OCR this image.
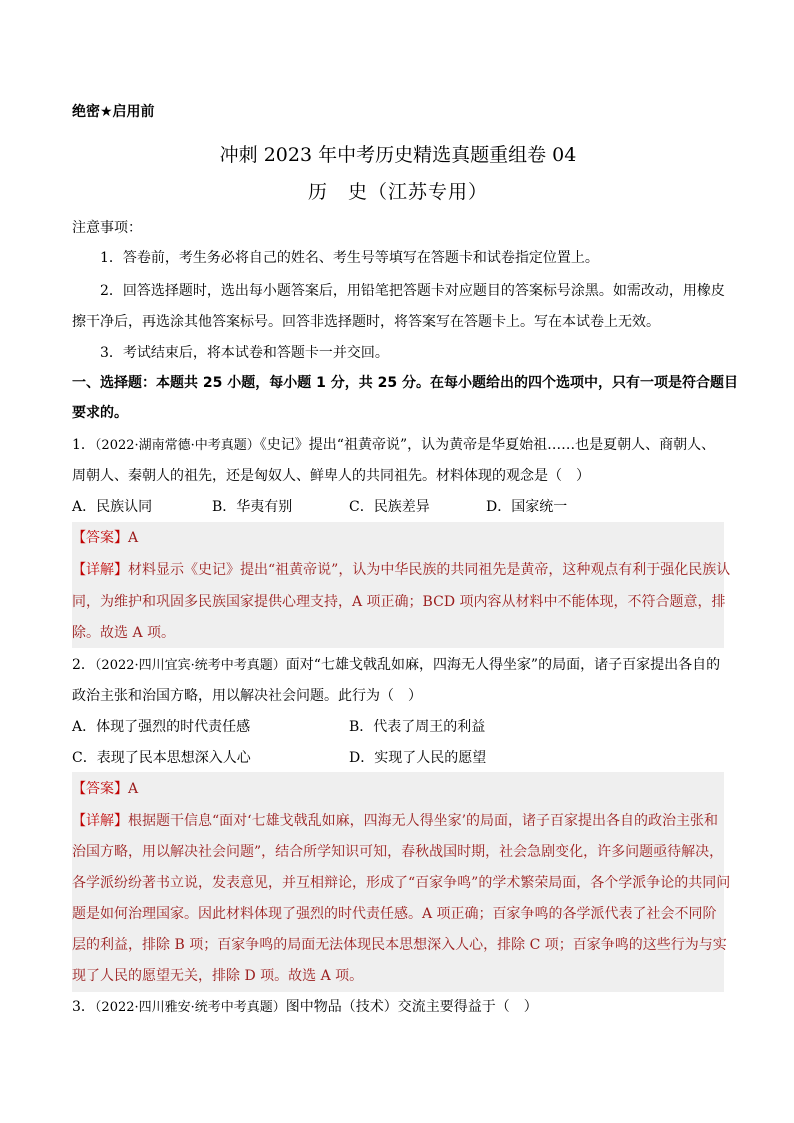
绝密★启用前
冲刺 2023 年中考历史精选真题重组卷 04
历　史（江苏专用）
注意事项：
1．答卷前，考生务必将自己的姓名、考生号等填写在答题卡和试卷指定位置上。
2．回答选择题时，选出每小题答案后，用铅笔把答题卡对应题目的答案标号涂黑。如需改动，用橡皮
擦干净后，再选涂其他答案标号。回答非选择题时，将答案写在答题卡上。写在本试卷上无效。
3．考试结束后，将本试卷和答题卡一并交回。
一、选择题：本题共 25 小题，每小题 1 分，共 25 分。在每小题给出的四个选项中，只有一项是符合题目
要求的。
1．（2022·湖南常德·中考真题）《史记》提出“祖黄帝说”，认为黄帝是华夏始祖……也是夏朝人、商朝人、
周朝人、秦朝人的祖先，还是匈奴人、鲜卑人的共同祖先。材料体现的观念是（　）
A．民族认同	B．华夷有别	C．民族差异	D．国家统一
【答案】A
【详解】材料显示《史记》提出“祖黄帝说”，认为中华民族的共同祖先是黄帝，这种观点有利于强化民族认
同，为维护和巩固多民族国家提供心理支持，A 项正确；BCD 项内容从材料中不能体现，不符合题意，排
除。故选 A 项。
2．（2022·四川宜宾·统考中考真题）面对“七雄戈戟乱如麻，四海无人得坐家”的局面，诸子百家提出各自的
政治主张和治国方略，用以解决社会问题。此行为（　）
A．体现了强烈的时代责任感	B．代表了周王的利益
C．表现了民本思想深入人心	D．实现了人民的愿望
【答案】A
【详解】根据题干信息“面对‘七雄戈戟乱如麻，四海无人得坐家’的局面，诸子百家提出各自的政治主张和
治国方略，用以解决社会问题”，结合所学知识可知，春秋战国时期，社会急剧变化，许多问题亟待解决，
各学派纷纷著书立说，发表意见，并互相辩论，形成了“百家争鸣”的学术繁荣局面，各个学派争论的共同问
题是如何治理国家。因此材料体现了强烈的时代责任感。A 项正确；百家争鸣的各学派代表了社会不同阶
层的利益，排除 B 项；百家争鸣的局面无法体现民本思想深入人心，排除 C 项；百家争鸣的这些行为与实
现了人民的愿望无关，排除 D 项。故选 A 项。
3．（2022·四川雅安·统考中考真题）图中物品（技术）交流主要得益于（　）
